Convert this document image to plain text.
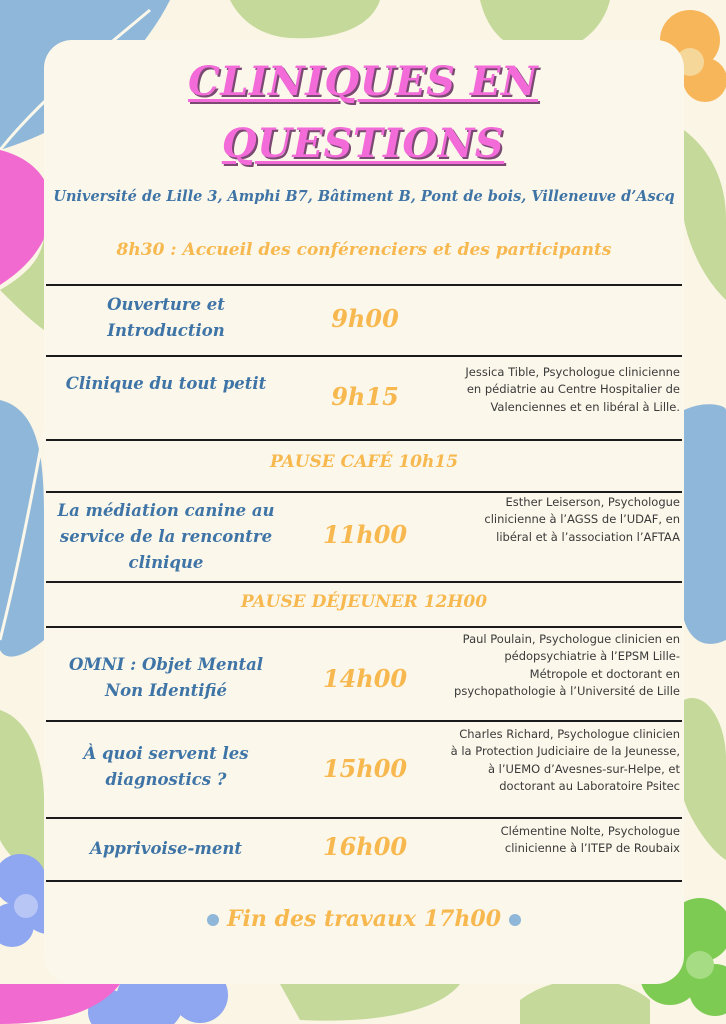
CLINIQUES EN
QUESTIONS
Université de Lille 3, Amphi B7, Bâtiment B, Pont de bois, Villeneuve d’Ascq
8h30 : Accueil des conférenciers et des participants
Ouverture et Introduction	9h00
Clinique du tout petit	9h15
Jessica Tible, Psychologue clinicienne en pédiatrie au Centre Hospitalier de Valenciennes et en libéral à Lille.
PAUSE CAFÉ 10h15
La médiation canine au service de la rencontre clinique
11h00
Esther Leiserson, Psychologue clinicienne à l’AGSS de l’UDAF, en libéral et à l’association l’AFTAA
PAUSE DÉJEUNER 12H00
OMNI : Objet Mental Non Identifié	14h00
Paul Poulain, Psychologue clinicien en pédopsychiatrie à l’EPSM Lille-Métropole et doctorant en psychopathologie à l’Université de Lille
À quoi servent les diagnostics ?	15h00
Charles Richard, Psychologue clinicien à la Protection Judiciaire de la Jeunesse, à l’UEMO d’Avesnes-sur-Helpe, et doctorant au Laboratoire Psitec
Apprivoise-ment	16h00
Clémentine Nolte, Psychologue clinicienne à l’ITEP de Roubaix
Fin des travaux 17h00
